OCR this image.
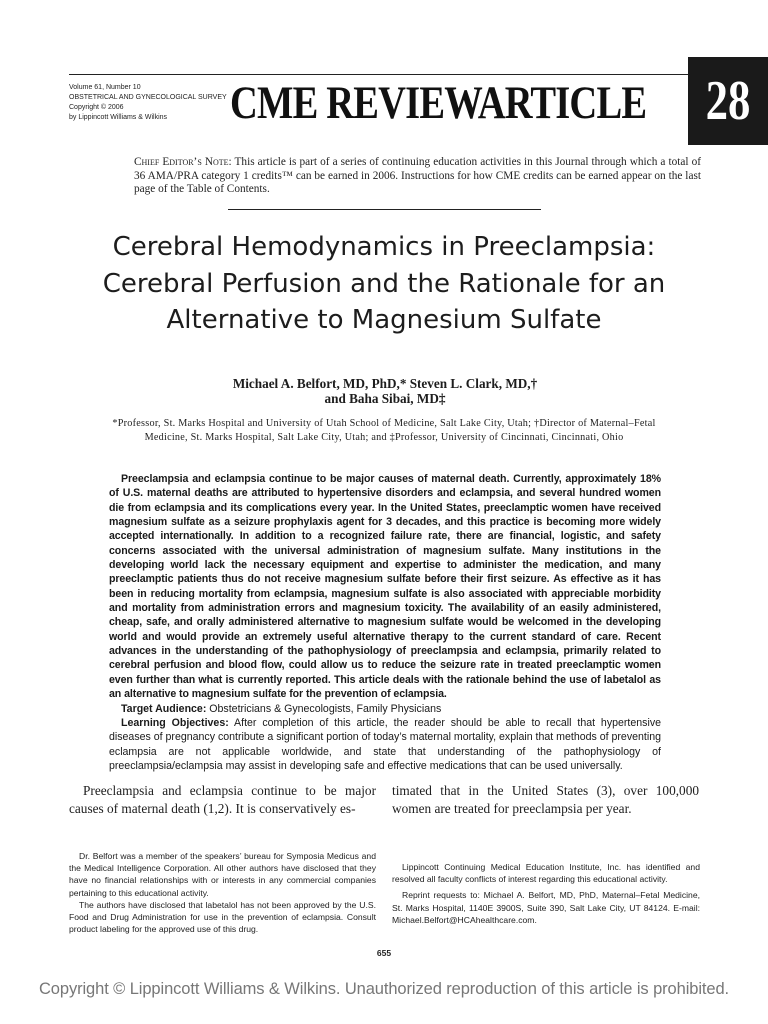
Volume 61, Number 10
OBSTETRICAL AND GYNECOLOGICAL SURVEY
Copyright © 2006
by Lippincott Williams & Wilkins	CME REVIEWARTICLE 28
Chief Editor’s Note: This article is part of a series of continuing education activities in this Journal through which a total of 36 AMA/PRA category 1 credits™ can be earned in 2006. Instructions for how CME credits can be earned appear on the last page of the Table of Contents.
Cerebral Hemodynamics in Preeclampsia: Cerebral Perfusion and the Rationale for an Alternative to Magnesium Sulfate
Michael A. Belfort, MD, PhD,* Steven L. Clark, MD,†
and Baha Sibai, MD‡
*Professor, St. Marks Hospital and University of Utah School of Medicine, Salt Lake City, Utah; †Director of Maternal–Fetal Medicine, St. Marks Hospital, Salt Lake City, Utah; and ‡Professor, University of Cincinnati, Cincinnati, Ohio

Preeclampsia and eclampsia continue to be major causes of maternal death. Currently, approximately 18% of U.S. maternal deaths are attributed to hypertensive disorders and eclampsia, and several hundred women die from eclampsia and its complications every year. In the United States, preeclamptic women have received magnesium sulfate as a seizure prophylaxis agent for 3 decades, and this practice is becoming more widely accepted internationally. In addition to a recognized failure rate, there are financial, logistic, and safety concerns associated with the universal administration of magnesium sulfate. Many institutions in the developing world lack the necessary equipment and expertise to administer the medication, and many preeclamptic patients thus do not receive magnesium sulfate before their first seizure. As effective as it has been in reducing mortality from eclampsia, magnesium sulfate is also associated with appreciable morbidity and mortality from administration errors and magnesium toxicity. The availability of an easily administered, cheap, safe, and orally administered alternative to magnesium sulfate would be welcomed in the developing world and would provide an extremely useful alternative therapy to the current standard of care. Recent advances in the understanding of the pathophysiology of preeclampsia and eclampsia, primarily related to cerebral perfusion and blood flow, could allow us to reduce the seizure rate in treated preeclamptic women even further than what is currently reported. This article deals with the rationale behind the use of labetalol as an alternative to magnesium sulfate for the prevention of eclampsia.

Target Audience: Obstetricians & Gynecologists, Family Physicians

Learning Objectives: After completion of this article, the reader should be able to recall that hypertensive diseases of pregnancy contribute a significant portion of today’s maternal mortality, explain that methods of preventing eclampsia are not applicable worldwide, and state that understanding of the pathophysiology of preeclampsia/eclampsia may assist in developing safe and effective medications that can be used universally.

Preeclampsia and eclampsia continue to be major causes of maternal death (1,2). It is conservatively es-

Dr. Belfort was a member of the speakers’ bureau for Symposia Medicus and the Medical Intelligence Corporation. All other authors have disclosed that they have no financial relationships with or interests in any commercial companies pertaining to this educational activity.

The authors have disclosed that labetalol has not been approved by the U.S. Food and Drug Administration for use in the prevention of eclampsia. Consult product labeling for the approved use of this drug.

timated that in the United States (3), over 100,000 women are treated for preeclampsia per year.

Lippincott Continuing Medical Education Institute, Inc. has identified and resolved all faculty conflicts of interest regarding this educational activity.

Reprint requests to: Michael A. Belfort, MD, PhD, Maternal–Fetal Medicine, St. Marks Hospital, 1140E 3900S, Suite 390, Salt Lake City, UT 84124. E-mail: Michael.Belfort@HCAhealthcare.com.

655
Copyright © Lippincott Williams & Wilkins. Unauthorized reproduction of this article is prohibited.
